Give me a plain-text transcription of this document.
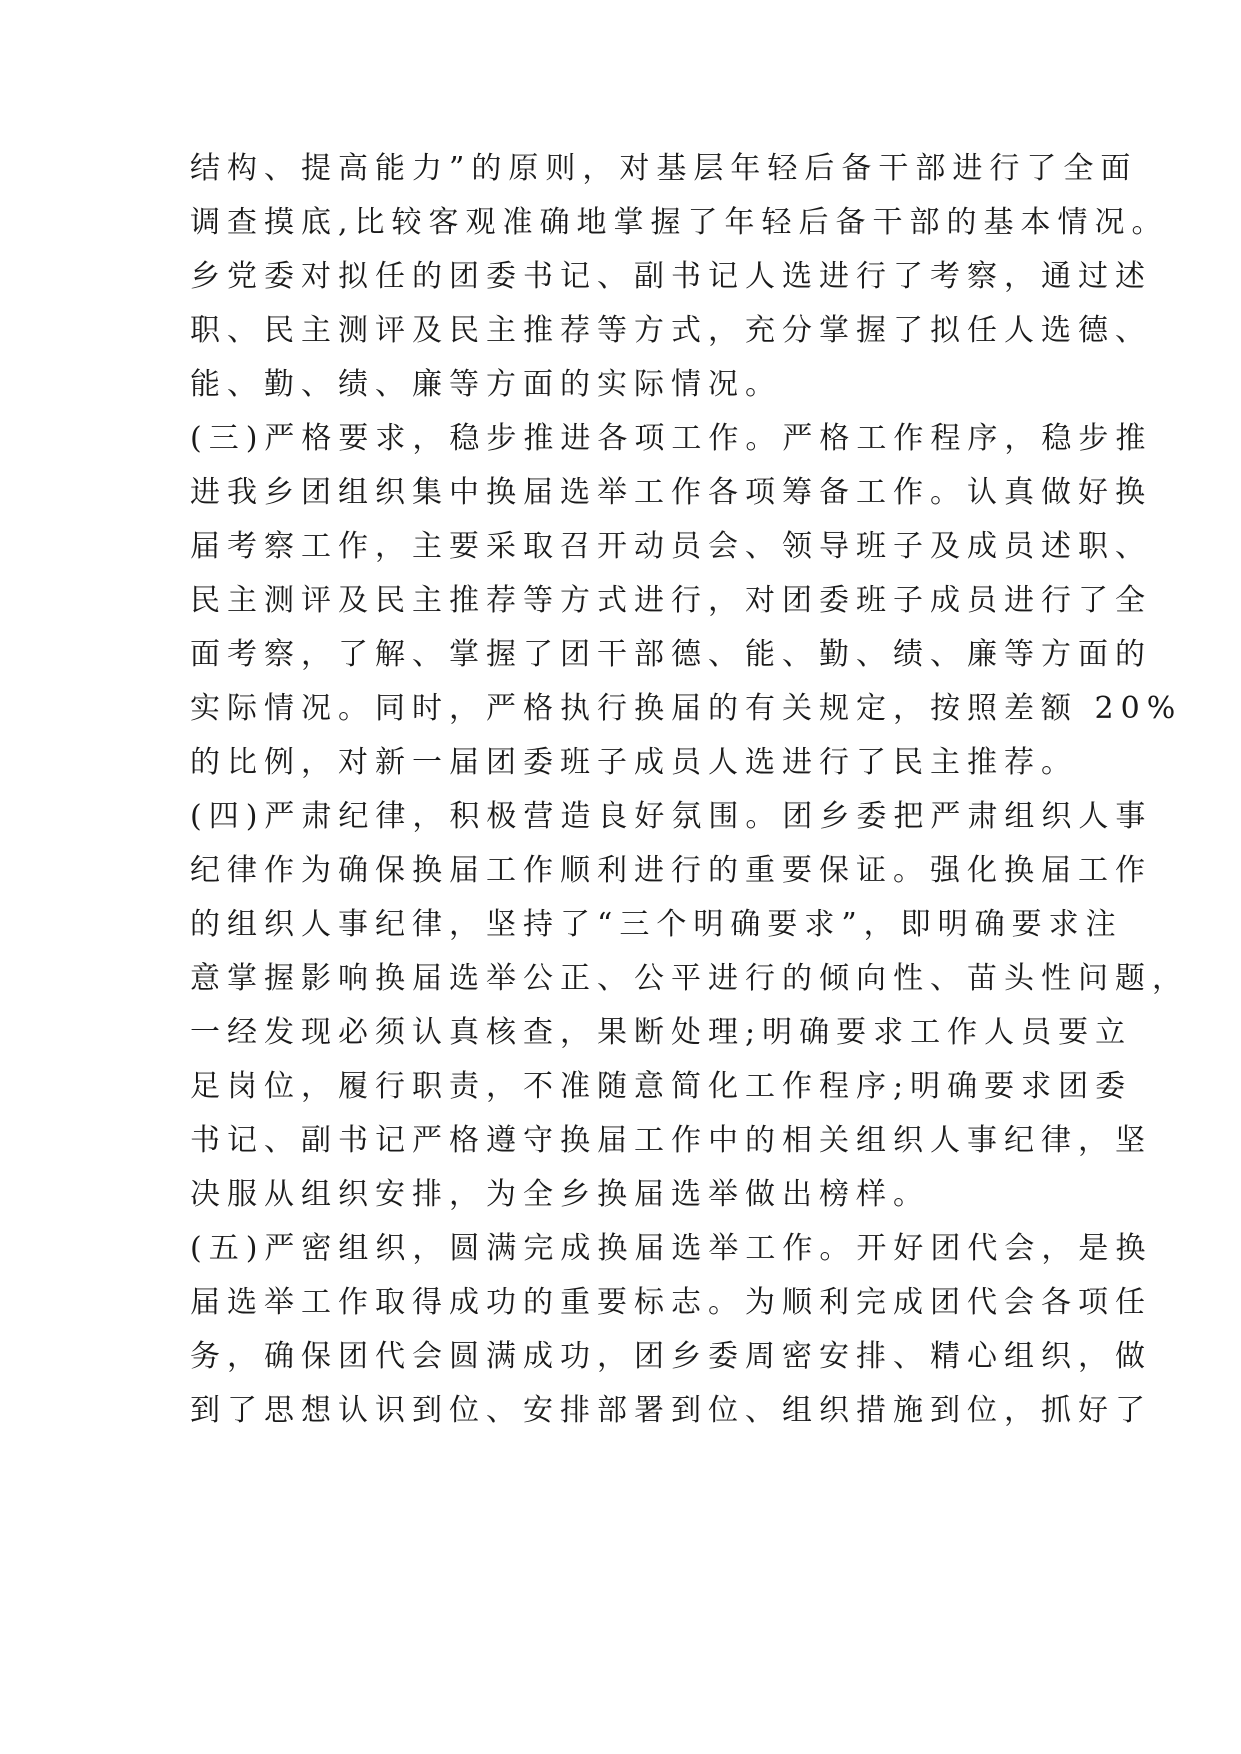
结构、提高能力”的原则，对基层年轻后备干部进行了全面
调查摸底,比较客观准确地掌握了年轻后备干部的基本情况。
乡党委对拟任的团委书记、副书记人选进行了考察，通过述
职、民主测评及民主推荐等方式，充分掌握了拟任人选德、
能、勤、绩、廉等方面的实际情况。
(三)严格要求，稳步推进各项工作。严格工作程序，稳步推
进我乡团组织集中换届选举工作各项筹备工作。认真做好换
届考察工作，主要采取召开动员会、领导班子及成员述职、
民主测评及民主推荐等方式进行，对团委班子成员进行了全
面考察，了解、掌握了团干部德、能、勤、绩、廉等方面的
实际情况。同时，严格执行换届的有关规定，按照差额 20%
的比例，对新一届团委班子成员人选进行了民主推荐。
(四)严肃纪律，积极营造良好氛围。团乡委把严肃组织人事
纪律作为确保换届工作顺利进行的重要保证。强化换届工作
的组织人事纪律，坚持了“三个明确要求”，即明确要求注
意掌握影响换届选举公正、公平进行的倾向性、苗头性问题，
一经发现必须认真核查，果断处理;明确要求工作人员要立
足岗位，履行职责，不准随意简化工作程序;明确要求团委
书记、副书记严格遵守换届工作中的相关组织人事纪律，坚
决服从组织安排，为全乡换届选举做出榜样。
(五)严密组织，圆满完成换届选举工作。开好团代会，是换
届选举工作取得成功的重要标志。为顺利完成团代会各项任
务，确保团代会圆满成功，团乡委周密安排、精心组织，做
到了思想认识到位、安排部署到位、组织措施到位，抓好了
